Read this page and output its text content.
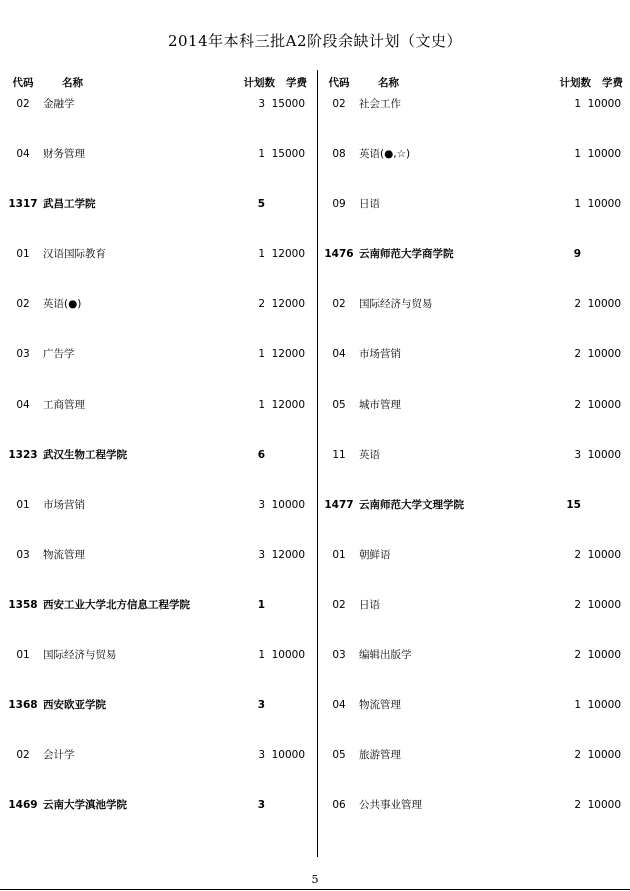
2014年本科三批A2阶段余缺计划（文史）
代码	名称	计划数 学费
02	金融学	3 15000
04	财务管理	1 15000
1317 武昌工学院	5
01	汉语国际教育	1 12000
02	英语(●)	2 12000
03	广告学	1 12000
04	工商管理	1 12000
1323 武汉生物工程学院	6
01	市场营销	3 10000
03	物流管理	3 12000
1358 西安工业大学北方信息工程学院	1
01	国际经济与贸易	1 10000
1368 西安欧亚学院	3
02	会计学	3 10000
1469 云南大学滇池学院	3
代码	名称	计划数 学费
02	社会工作	1 10000
08	英语(●,☆)	1 10000
09	日语	1 10000
1476 云南师范大学商学院	9
02	国际经济与贸易	2 10000
04	市场营销	2 10000
05	城市管理	2 10000
11	英语	3 10000
1477 云南师范大学文理学院	15
01	朝鲜语	2 10000
02	日语	2 10000
03	编辑出版学	2 10000
04	物流管理	1 10000
05	旅游管理	2 10000
06	公共事业管理	2 10000
5
